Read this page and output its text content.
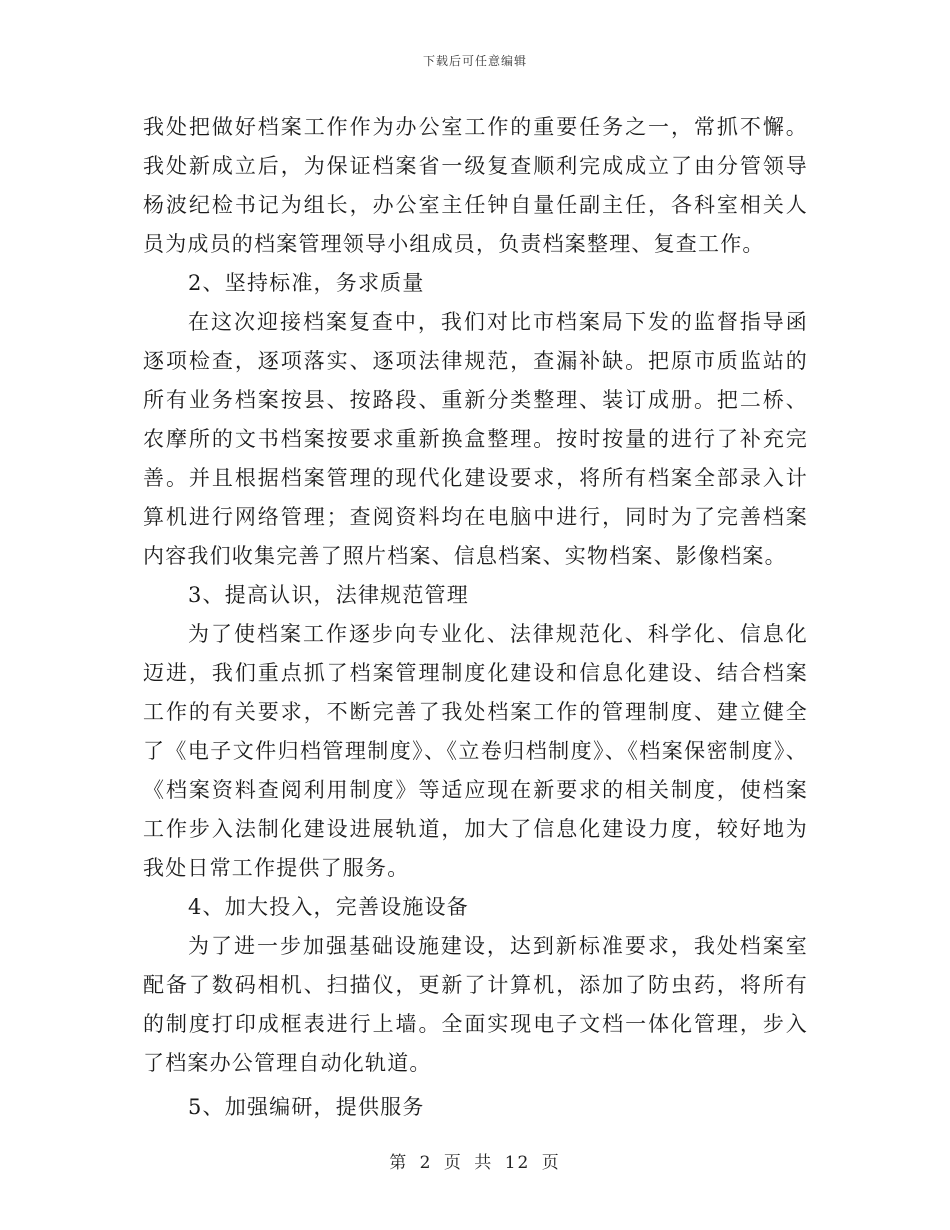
下载后可任意编辑

我处把做好档案工作作为办公室工作的重要任务之一，常抓不懈。我处新成立后，为保证档案省一级复查顺利完成成立了由分管领导杨波纪检书记为组长，办公室主任钟自量任副主任，各科室相关人员为成员的档案管理领导小组成员，负责档案整理、复查工作。

2、坚持标准，务求质量

在这次迎接档案复查中，我们对比市档案局下发的监督指导函逐项检查，逐项落实、逐项法律规范，查漏补缺。把原市质监站的所有业务档案按县、按路段、重新分类整理、装订成册。把二桥、农摩所的文书档案按要求重新换盒整理。按时按量的进行了补充完善。并且根据档案管理的现代化建设要求，将所有档案全部录入计算机进行网络管理；查阅资料均在电脑中进行，同时为了完善档案内容我们收集完善了照片档案、信息档案、实物档案、影像档案。

3、提高认识，法律规范管理

为了使档案工作逐步向专业化、法律规范化、科学化、信息化迈进，我们重点抓了档案管理制度化建设和信息化建设、结合档案工作的有关要求，不断完善了我处档案工作的管理制度、建立健全了《电子文件归档管理制度》、《立卷归档制度》、《档案保密制度》、《档案资料查阅利用制度》等适应现在新要求的相关制度，使档案工作步入法制化建设进展轨道，加大了信息化建设力度，较好地为我处日常工作提供了服务。

4、加大投入，完善设施设备

为了进一步加强基础设施建设，达到新标准要求，我处档案室配备了数码相机、扫描仪，更新了计算机，添加了防虫药，将所有的制度打印成框表进行上墙。全面实现电子文档一体化管理，步入了档案办公管理自动化轨道。

5、加强编研，提供服务

第 2 页 共 12 页
